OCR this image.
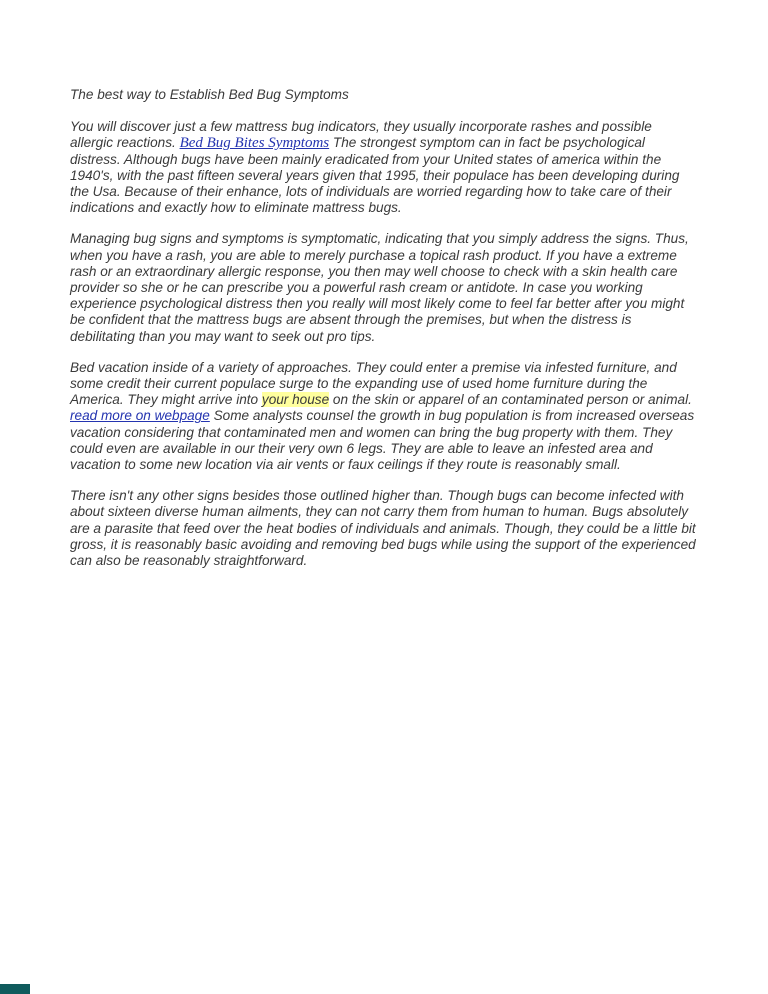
The best way to Establish Bed Bug Symptoms

You will discover just a few mattress bug indicators, they usually incorporate rashes and possible allergic reactions. Bed Bug Bites Symptoms The strongest symptom can in fact be psychological distress. Although bugs have been mainly eradicated from your United states of america within the 1940's, with the past fifteen several years given that 1995, their populace has been developing during the Usa. Because of their enhance, lots of individuals are worried regarding how to take care of their indications and exactly how to eliminate mattress bugs.

Managing bug signs and symptoms is symptomatic, indicating that you simply address the signs. Thus, when you have a rash, you are able to merely purchase a topical rash product. If you have a extreme rash or an extraordinary allergic response, you then may well choose to check with a skin health care provider so she or he can prescribe you a powerful rash cream or antidote. In case you working experience psychological distress then you really will most likely come to feel far better after you might be confident that the mattress bugs are absent through the premises, but when the distress is debilitating than you may want to seek out pro tips.

Bed vacation inside of a variety of approaches. They could enter a premise via infested furniture, and some credit their current populace surge to the expanding use of used home furniture during the America. They might arrive into your house on the skin or apparel of an contaminated person or animal. read more on webpage Some analysts counsel the growth in bug population is from increased overseas vacation considering that contaminated men and women can bring the bug property with them. They could even are available in our their very own 6 legs. They are able to leave an infested area and vacation to some new location via air vents or faux ceilings if they route is reasonably small.

There isn't any other signs besides those outlined higher than. Though bugs can become infected with about sixteen diverse human ailments, they can not carry them from human to human. Bugs absolutely are a parasite that feed over the heat bodies of individuals and animals. Though, they could be a little bit gross, it is reasonably basic avoiding and removing bed bugs while using the support of the experienced can also be reasonably straightforward.
